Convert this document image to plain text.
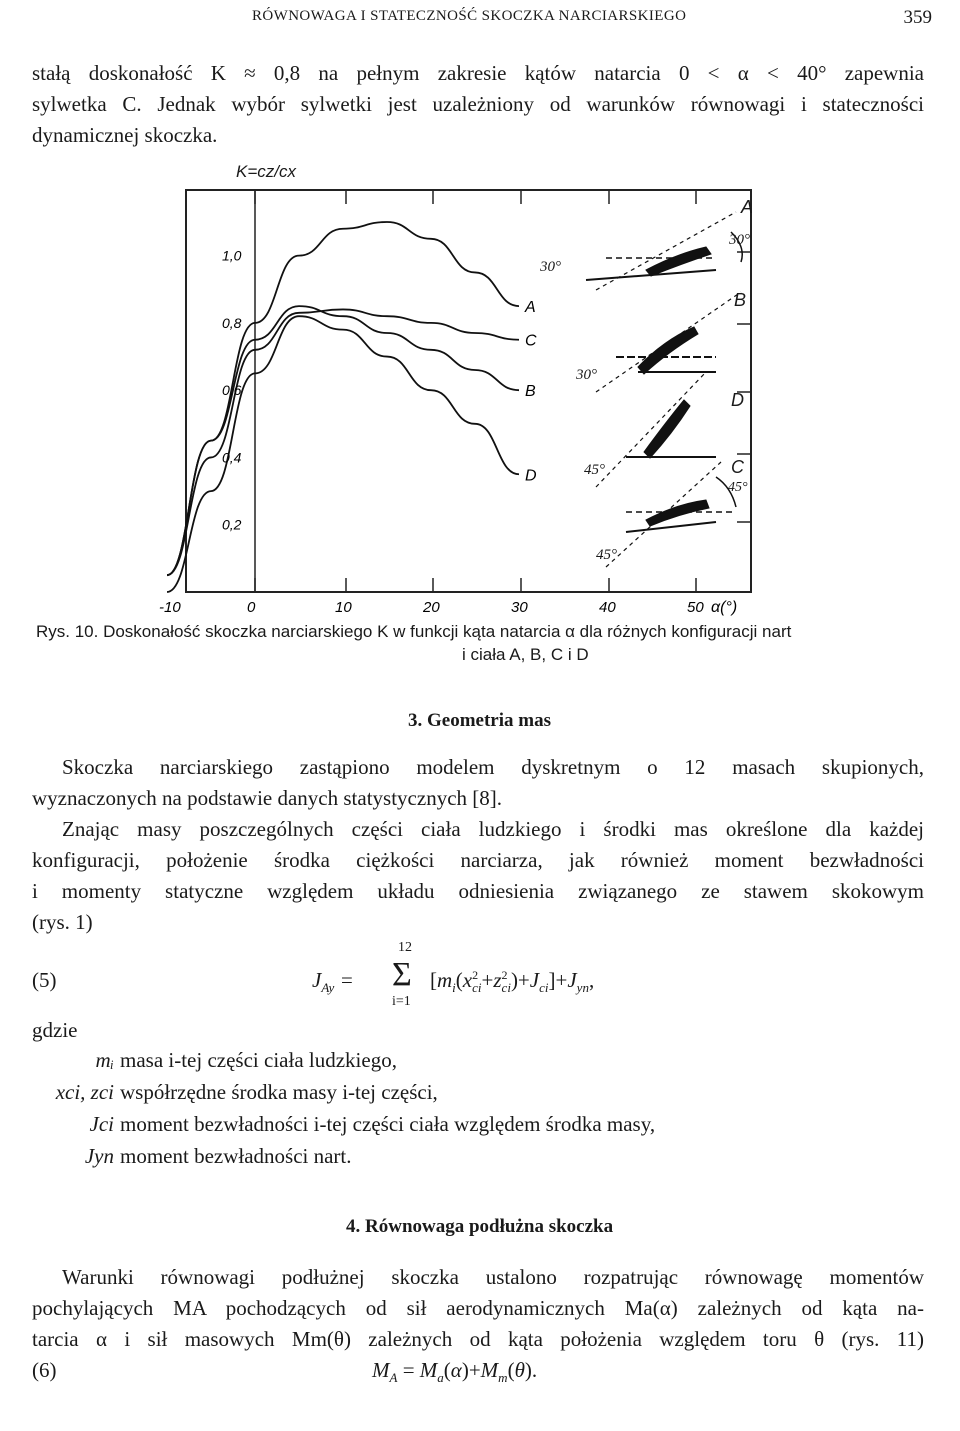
RÓWNOWAGA I STATECZNOŚĆ SKOCZKA NARCIARSKIEGO	359
stałą doskonałość K ≈ 0,8 na pełnym zakresie kątów natarcia 0 < α < 40° zapewnia
sylwetka C. Jednak wybór sylwetki jest uzależniony od warunków równowagi i stateczności
dynamicznej skoczka.
A
C
B
D
-10	0	10	20	30	40	50 α(°)
0,2
0,4
0,6
0,8
1,0
K=cz/cx
30°
30°
A
B
30°
D
45°	C
45°
45°
Rys. 10. Doskonałość skoczka narciarskiego K w funkcji kąta natarcia α dla różnych konfiguracji nart
i ciała A, B, C i D
3. Geometria mas
Skoczka narciarskiego zastąpiono modelem dyskretnym o 12 masach skupionych,
wyznaczonych na podstawie danych statystycznych [8].
Znając masy poszczególnych części ciała ludzkiego i środki mas określone dla każdej
konfiguracji, położenie środka ciężkości narciarza, jak również moment bezwładności
i momenty statyczne względem układu odniesienia związanego ze stawem skokowym
(rys. 1)
(5)	$J_{Ay}$ =
12
Σ
i=1
$[m_i(x^2_{ci}+z^2_{ci})+J_{ci}]+J_{yn}$,
gdzie
mᵢ masa i-tej części ciała ludzkiego,
xci, zci współrzędne środka masy i-tej części,
Jci moment bezwładności i-tej części ciała względem środka masy,
Jyn moment bezwładności nart.
4. Równowaga podłużna skoczka
Warunki równowagi podłużnej skoczka ustalono rozpatrując równowagę momentów
pochylających MA pochodzących od sił aerodynamicznych Ma(α) zależnych od kąta na-
tarcia α i sił masowych Mm(θ) zależnych od kąta położenia względem toru θ (rys. 11)
(6)	$M_A = M_a(\alpha)+M_m(\theta)$.
